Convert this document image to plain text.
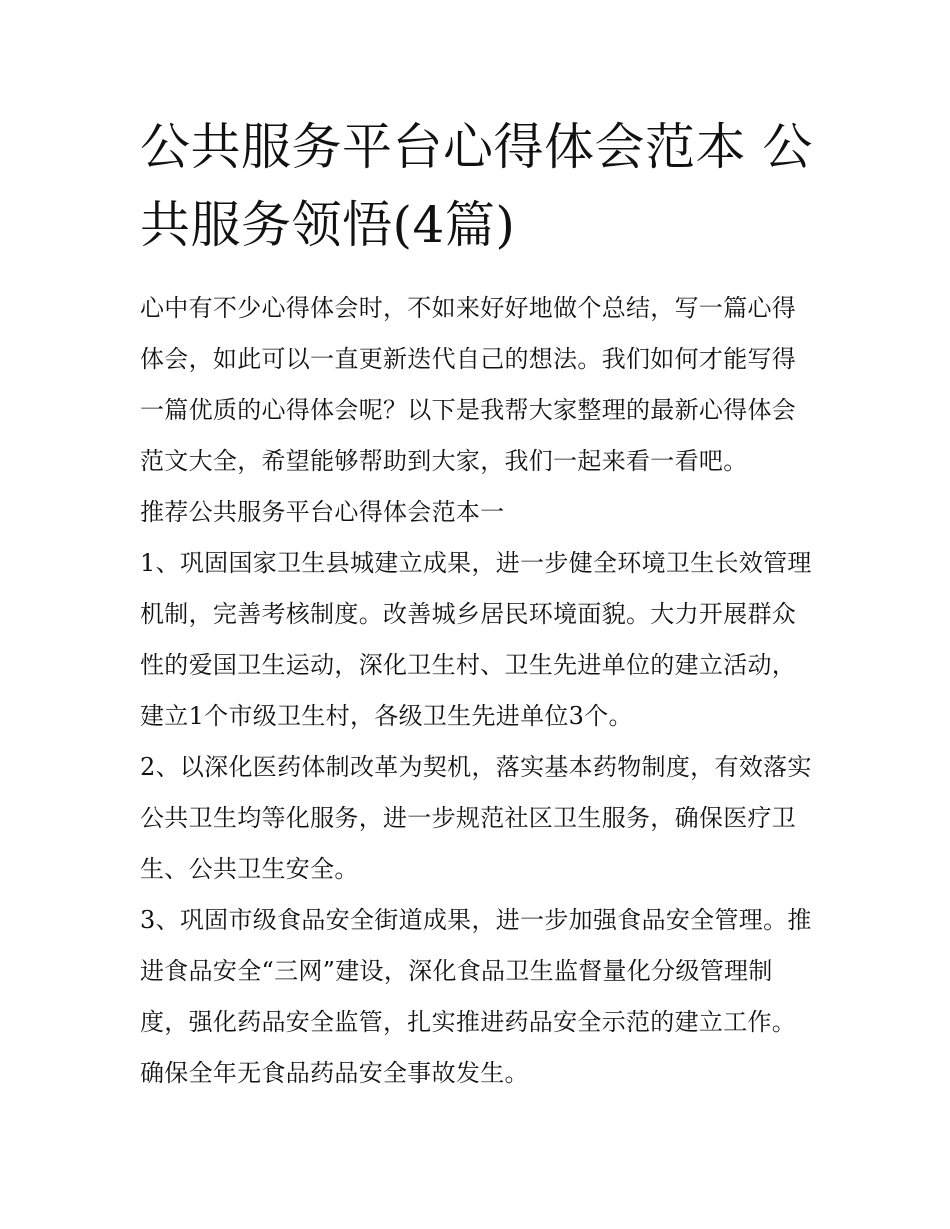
公共服务平台心得体会范本 公共服务领悟(4篇)

心中有不少心得体会时，不如来好好地做个总结，写一篇心得体会，如此可以一直更新迭代自己的想法。我们如何才能写得一篇优质的心得体会呢？以下是我帮大家整理的最新心得体会范文大全，希望能够帮助到大家，我们一起来看一看吧。

推荐公共服务平台心得体会范本一

1、巩固国家卫生县城建立成果，进一步健全环境卫生长效管理机制，完善考核制度。改善城乡居民环境面貌。大力开展群众性的爱国卫生运动，深化卫生村、卫生先进单位的建立活动，建立1个市级卫生村，各级卫生先进单位3个。

2、以深化医药体制改革为契机，落实基本药物制度，有效落实公共卫生均等化服务，进一步规范社区卫生服务，确保医疗卫生、公共卫生安全。

3、巩固市级食品安全街道成果，进一步加强食品安全管理。推进食品安全“三网”建设，深化食品卫生监督量化分级管理制度，强化药品安全监管，扎实推进药品安全示范的建立工作。确保全年无食品药品安全事故发生。
